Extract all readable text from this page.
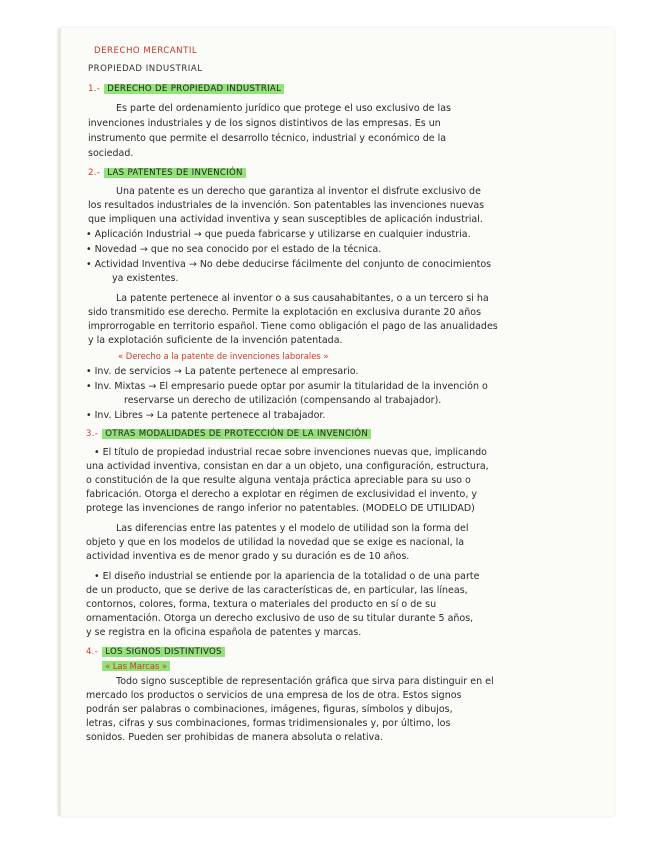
DERECHO MERCANTIL
PROPIEDAD INDUSTRIAL
1.- DERECHO DE PROPIEDAD INDUSTRIAL
Es parte del ordenamiento jurídico que protege el uso exclusivo de las
invenciones industriales y de los signos distintivos de las empresas. Es un
instrumento que permite el desarrollo técnico, industrial y económico de la
sociedad.
2.- LAS PATENTES DE INVENCIÓN
Una patente es un derecho que garantiza al inventor el disfrute exclusivo de
los resultados industriales de la invención. Son patentables las invenciones nuevas
que impliquen una actividad inventiva y sean susceptibles de aplicación industrial.
• Aplicación Industrial → que pueda fabricarse y utilizarse en cualquier industria.
• Novedad → que no sea conocido por el estado de la técnica.
• Actividad Inventiva → No debe deducirse fácilmente del conjunto de conocimientos
ya existentes.
La patente pertenece al inventor o a sus causahabitantes, o a un tercero si ha
sido transmitido ese derecho. Permite la explotación en exclusiva durante 20 años
improrrogable en territorio español. Tiene como obligación el pago de las anualidades
y la explotación suficiente de la invención patentada.
« Derecho a la patente de invenciones laborales »
• Inv. de servicios → La patente pertenece al empresario.
• Inv. Mixtas → El empresario puede optar por asumir la titularidad de la invención o
reservarse un derecho de utilización (compensando al trabajador).
• Inv. Libres → La patente pertenece al trabajador.
3.- OTRAS MODALIDADES DE PROTECCIÓN DE LA INVENCIÓN
• El título de propiedad industrial recae sobre invenciones nuevas que, implicando
una actividad inventiva, consistan en dar a un objeto, una configuración, estructura,
o constitución de la que resulte alguna ventaja práctica apreciable para su uso o
fabricación. Otorga el derecho a explotar en régimen de exclusividad el invento, y
protege las invenciones de rango inferior no patentables. (MODELO DE UTILIDAD)
Las diferencias entre las patentes y el modelo de utilidad son la forma del
objeto y que en los modelos de utilidad la novedad que se exige es nacional, la
actividad inventiva es de menor grado y su duración es de 10 años.
• El diseño industrial se entiende por la apariencia de la totalidad o de una parte
de un producto, que se derive de las características de, en particular, las líneas,
contornos, colores, forma, textura o materiales del producto en sí o de su
ornamentación. Otorga un derecho exclusivo de uso de su titular durante 5 años,
y se registra en la oficina española de patentes y marcas.
4.- LOS SIGNOS DISTINTIVOS
« Las Marcas »
Todo signo susceptible de representación gráfica que sirva para distinguir en el
mercado los productos o servicios de una empresa de los de otra. Estos signos
podrán ser palabras o combinaciones, imágenes, figuras, símbolos y dibujos,
letras, cifras y sus combinaciones, formas tridimensionales y, por último, los
sonidos. Pueden ser prohibidas de manera absoluta o relativa.
